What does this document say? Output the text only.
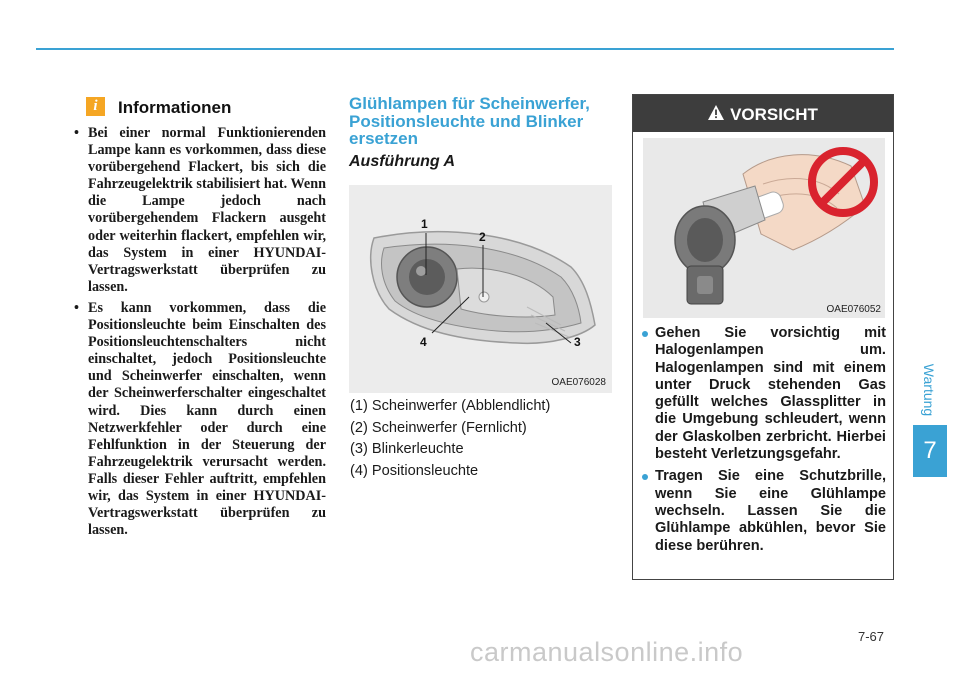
i	Informationen
• Bei einer normal Funktionierenden Lampe kann es vorkommen, dass diese vorübergehend Flackert, bis sich die Fahrzeugelektrik stabilisiert hat. Wenn die Lampe jedoch nach vorübergehendem Flackern ausgeht oder weiterhin flackert, empfehlen wir, das System in einer HYUNDAI-Vertragswerkstatt überprüfen zu lassen.
• Es kann vorkommen, dass die Positionsleuchte beim Einschalten des Positionsleuchtenschalters nicht einschaltet, jedoch Positionsleuchte und Scheinwerfer einschalten, wenn der Scheinwerferschalter eingeschaltet wird. Dies kann durch einen Netzwerkfehler oder durch eine Fehlfunktion in der Steuerung der Fahrzeugelektrik verursacht werden. Falls dieser Fehler auftritt, empfehlen wir, das System in einer HYUNDAI-Vertragswerkstatt überprüfen zu lassen.
Glühlampen für Scheinwerfer, Positionsleuchte und Blinker ersetzen
Ausführung A
1
2
3
4
OAE076028
(1) Scheinwerfer (Abblendlicht)
(2) Scheinwerfer (Fernlicht)
(3) Blinkerleuchte
(4) Positionsleuchte
VORSICHT
OAE076052
Gehen Sie vorsichtig mit Halogenlampen um. Halogenlampen sind mit einem unter Druck stehenden Gas gefüllt welches Glassplitter in die Umgebung schleudert, wenn der Glaskolben zerbricht. Hierbei besteht Verletzungsgefahr.
Tragen Sie eine Schutzbrille, wenn Sie eine Glühlampe wechseln. Lassen Sie die Glühlampe abkühlen, bevor Sie diese berühren.
Wartung
7
7-67
carmanualsonline.info
